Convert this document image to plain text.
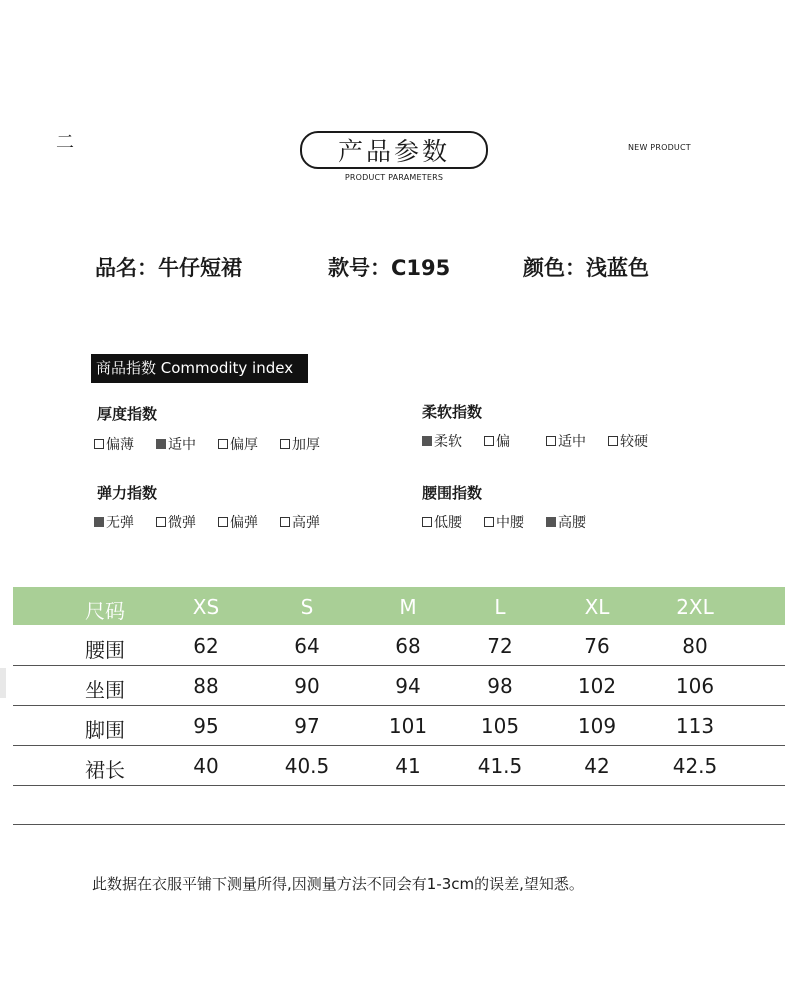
二	产品参数
PRODUCT PARAMETERS
NEW PRODUCT
品名：牛仔短裙	款号：C195	颜色：浅蓝色
商品指数 Commodity index
厚度指数
偏薄 适中 偏厚 加厚
柔软指数
柔软 偏	适中 较硬
弹力指数
无弹 微弹 偏弹 高弹
腰围指数
低腰 中腰 高腰
尺码	XS	S	M	L	XL	2XL
腰围	62	64	68	72	76	80
坐围	88	90	94	98	102	106
脚围	95	97	101	105	109	113
裙长	40	40.5	41	41.5	42	42.5
此数据在衣服平铺下测量所得,因测量方法不同会有1-3cm的误差,望知悉。
